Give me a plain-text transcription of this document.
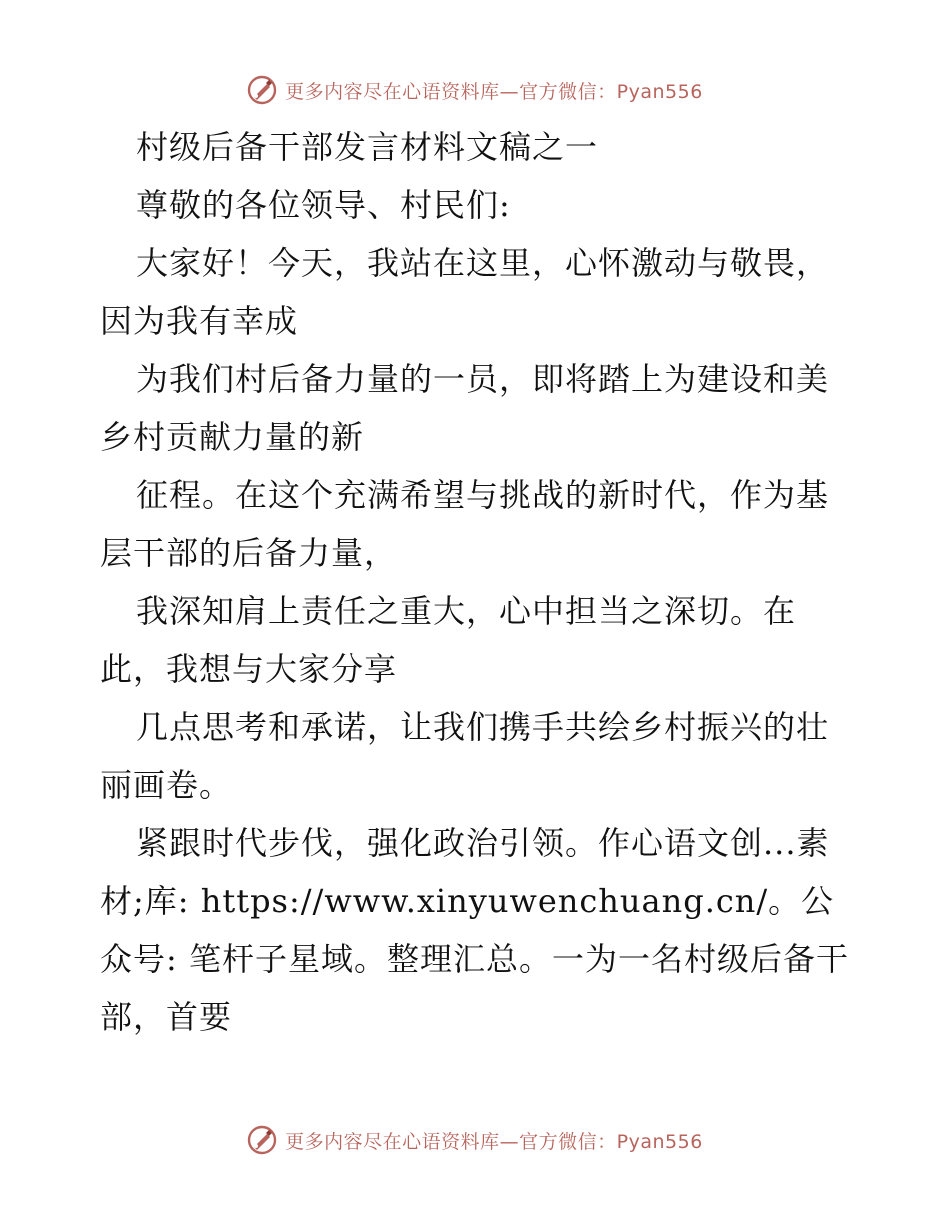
更多内容尽在心语资料库—官方微信：Pyan556

村级后备干部发言材料文稿之一

尊敬的各位领导、村民们:

大家好！今天，我站在这里，心怀激动与敬畏，因为我有幸成

为我们村后备力量的一员，即将踏上为建设和美乡村贡献力量的新

征程。在这个充满希望与挑战的新时代，作为基层干部的后备力量，

我深知肩上责任之重大，心中担当之深切。在此，我想与大家分享

几点思考和承诺，让我们携手共绘乡村振兴的壮丽画卷。

紧跟时代步伐，强化政治引领。作心语文创...素材;库: https://www.xinyuwenchuang.cn/。公众号: 笔杆子星域。整理汇总。一为一名村级后备干部，首要

更多内容尽在心语资料库—官方微信：Pyan556
